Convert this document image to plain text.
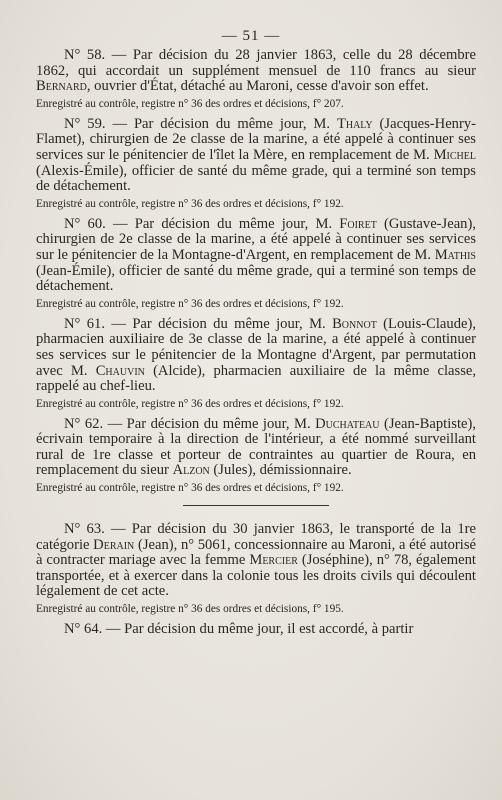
— 51 —

N° 58. — Par décision du 28 janvier 1863, celle du 28 décembre 1862, qui accordait un supplément mensuel de 110 francs au sieur Bernard, ouvrier d'État, détaché au Maroni, cesse d'avoir son effet.

Enregistré au contrôle, registre n° 36 des ordres et décisions, f° 207.

N° 59. — Par décision du même jour, M. Thaly (Jacques-Henry-Flamet), chirurgien de 2e classe de la marine, a été appelé à continuer ses services sur le pénitencier de l'îlet la Mère, en remplacement de M. Michel (Alexis-Émile), officier de santé du même grade, qui a terminé son temps de détachement.

Enregistré au contrôle, registre n° 36 des ordres et décisions, f° 192.

N° 60. — Par décision du même jour, M. Foiret (Gustave-Jean), chirurgien de 2e classe de la marine, a été appelé à continuer ses services sur le pénitencier de la Montagne-d'Argent, en remplacement de M. Mathis (Jean-Émile), officier de santé du même grade, qui a terminé son temps de détachement.

Enregistré au contrôle, registre n° 36 des ordres et décisions, f° 192.

N° 61. — Par décision du même jour, M. Bonnot (Louis-Claude), pharmacien auxiliaire de 3e classe de la marine, a été appelé à continuer ses services sur le pénitencier de la Montagne d'Argent, par permutation avec M. Chauvin (Alcide), pharmacien auxiliaire de la même classe, rappelé au chef-lieu.

Enregistré au contrôle, registre n° 36 des ordres et décisions, f° 192.

N° 62. — Par décision du même jour, M. Duchateau (Jean-Baptiste), écrivain temporaire à la direction de l'intérieur, a été nommé surveillant rural de 1re classe et porteur de contraintes au quartier de Roura, en remplacement du sieur Alzon (Jules), démissionnaire.

Enregistré au contrôle, registre n° 36 des ordres et décisions, f° 192.

N° 63. — Par décision du 30 janvier 1863, le transporté de la 1re catégorie Derain (Jean), n° 5061, concessionnaire au Maroni, a été autorisé à contracter mariage avec la femme Mercier (Joséphine), n° 78, également transportée, et à exercer dans la colonie tous les droits civils qui découlent légalement de cet acte.

Enregistré au contrôle, registre n° 36 des ordres et décisions, f° 195.

N° 64. — Par décision du même jour, il est accordé, à partir
